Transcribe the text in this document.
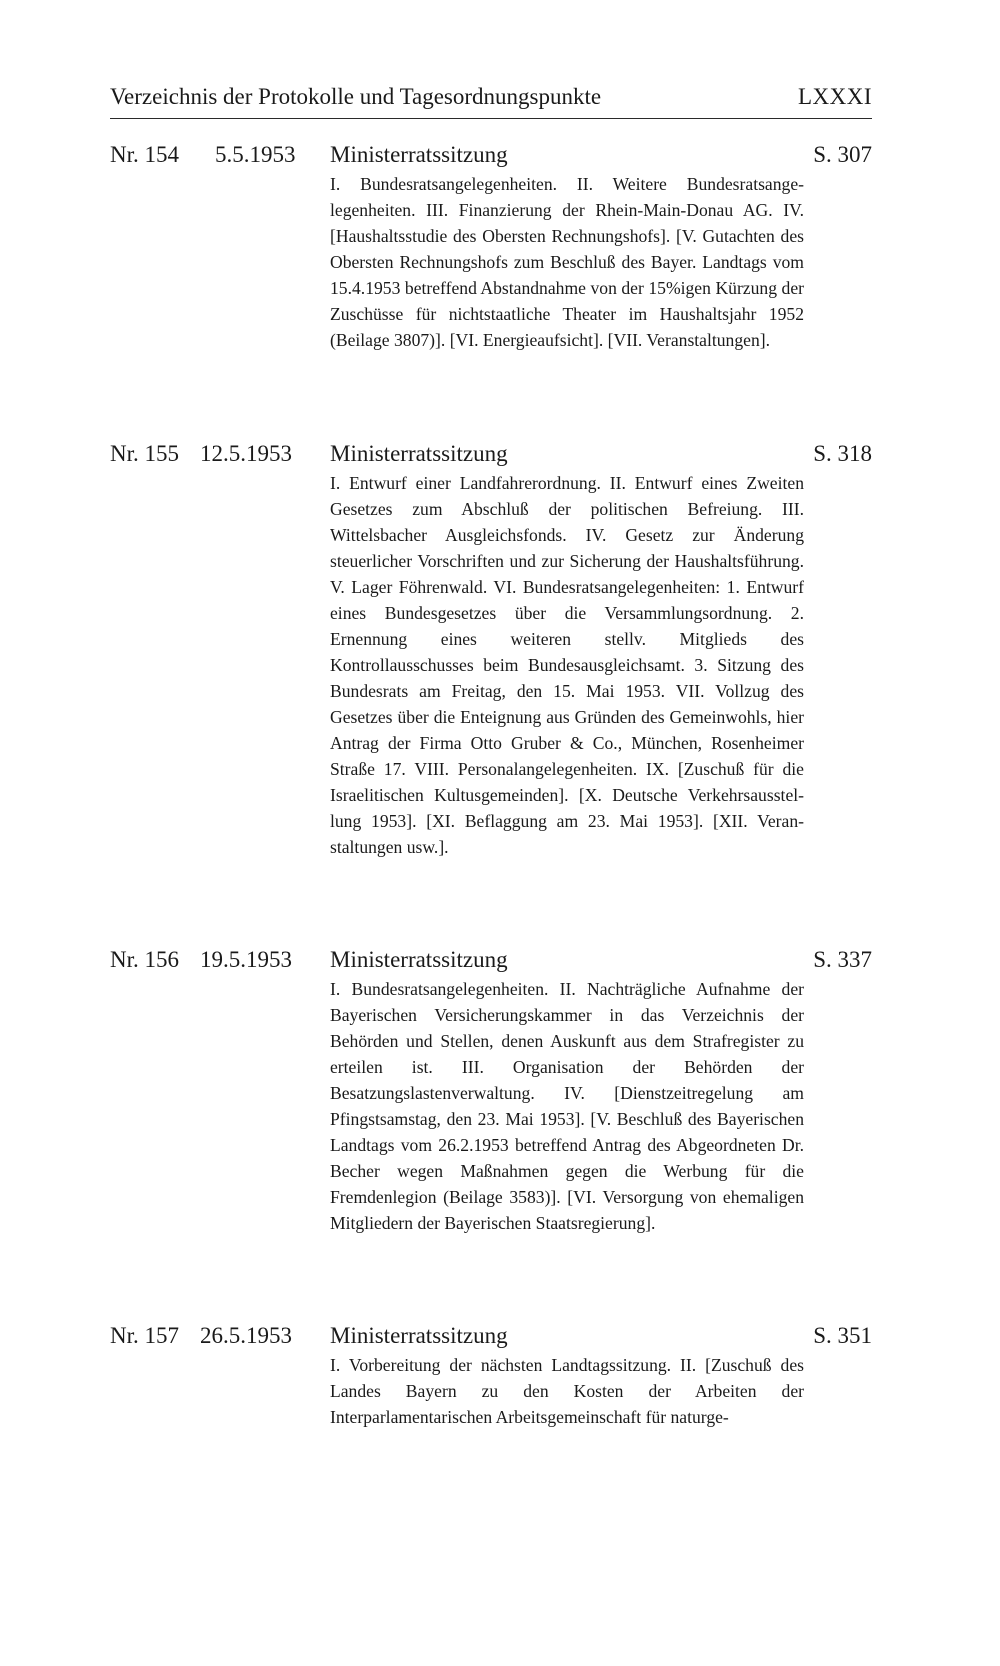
Verzeichnis der Protokolle und Tagesordnungspunkte	LXXXI
Nr. 154 5.5.1953	Ministerratssitzung	S. 307
I. Bundesratsangelegenheiten. II. Weitere Bundesratsangelegenheiten. III. Finanzierung der Rhein-Main-Donau AG. IV. [Haushaltsstudie des Obersten Rechnungshofs]. [V. Gutachten des Obersten Rechnungshofs zum Beschluß des Bayer. Landtags vom 15.4.1953 betreffend Abstandnahme von der 15%igen Kürzung der Zuschüsse für nichtstaatliche Theater im Haushaltsjahr 1952 (Beilage 3807)]. [VI. Energieaufsicht]. [VII. Veranstaltungen].
Nr. 155 12.5.1953	Ministerratssitzung	S. 318
I. Entwurf einer Landfahrerordnung. II. Entwurf eines Zweiten Gesetzes zum Abschluß der politischen Befreiung. III. Wittelsbacher Ausgleichsfonds. IV. Gesetz zur Änderung steuerlicher Vorschriften und zur Sicherung der Haushaltsführung. V. Lager Föhrenwald. VI. Bundesratsangelegenheiten: 1. Entwurf eines Bundesgesetzes über die Versammlungsordnung. 2. Ernennung eines weiteren stellv. Mitglieds des Kontrollausschusses beim Bundesausgleichsamt. 3. Sitzung des Bundesrats am Freitag, den 15. Mai 1953. VII. Vollzug des Gesetzes über die Enteignung aus Gründen des Gemeinwohls, hier Antrag der Firma Otto Gruber & Co., München, Rosenheimer Straße 17. VIII. Personalangelegenheiten. IX. [Zuschuß für die Israelitischen Kultusgemeinden]. [X. Deutsche Verkehrsausstellung 1953]. [XI. Beflaggung am 23. Mai 1953]. [XII. Veranstaltungen usw.].
Nr. 156 19.5.1953	Ministerratssitzung	S. 337
I. Bundesratsangelegenheiten. II. Nachträgliche Aufnahme der Bayerischen Versicherungskammer in das Verzeichnis der Behörden und Stellen, denen Auskunft aus dem Strafregister zu erteilen ist. III. Organisation der Behörden der Besatzungslastenverwaltung. IV. [Dienstzeitregelung am Pfingstsamstag, den 23. Mai 1953]. [V. Beschluß des Bayerischen Landtags vom 26.2.1953 betreffend Antrag des Abgeordneten Dr. Becher wegen Maßnahmen gegen die Werbung für die Fremdenlegion (Beilage 3583)]. [VI. Versorgung von ehemaligen Mitgliedern der Bayerischen Staatsregierung].
Nr. 157 26.5.1953	Ministerratssitzung	S. 351
I. Vorbereitung der nächsten Landtagssitzung. II. [Zuschuß des Landes Bayern zu den Kosten der Arbeiten der Interparlamentarischen Arbeitsgemeinschaft für naturge-
